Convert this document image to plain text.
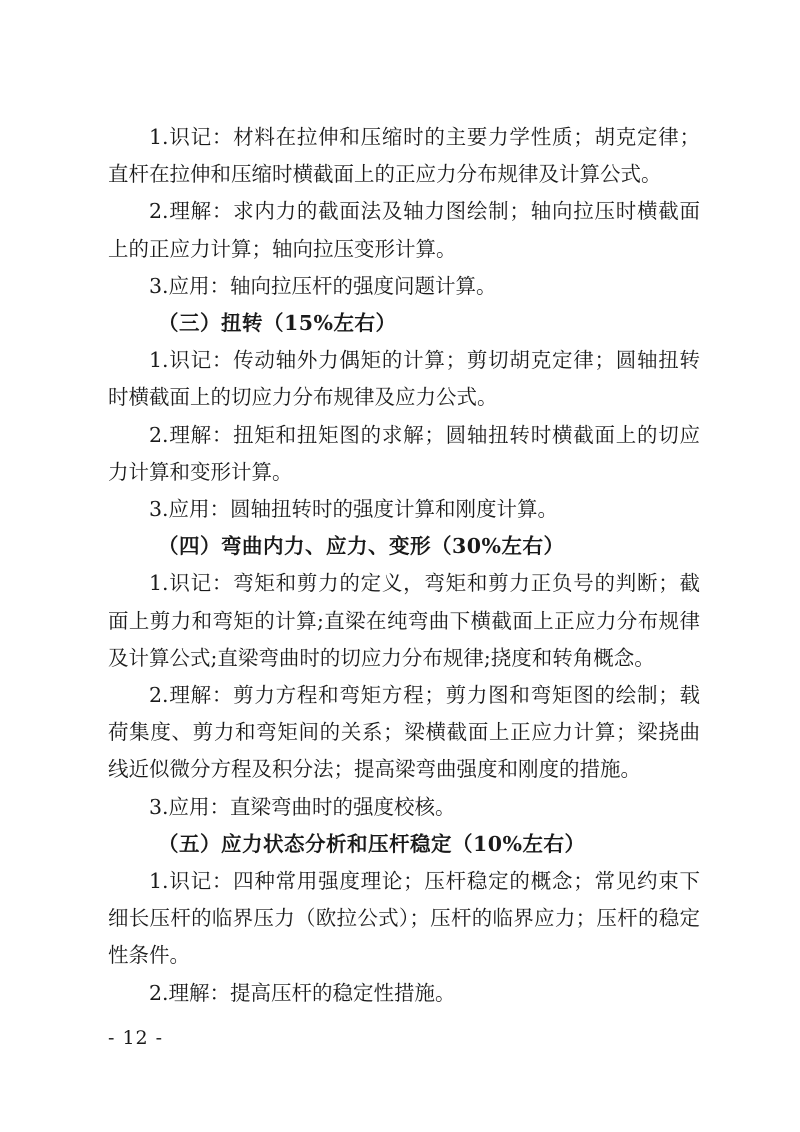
1.识记：材料在拉伸和压缩时的主要力学性质；胡克定律；直杆在拉伸和压缩时横截面上的正应力分布规律及计算公式。

2.理解：求内力的截面法及轴力图绘制；轴向拉压时横截面上的正应力计算；轴向拉压变形计算。

3.应用：轴向拉压杆的强度问题计算。

（三）扭转（15%左右）

1.识记：传动轴外力偶矩的计算；剪切胡克定律；圆轴扭转时横截面上的切应力分布规律及应力公式。

2.理解：扭矩和扭矩图的求解；圆轴扭转时横截面上的切应力计算和变形计算。

3.应用：圆轴扭转时的强度计算和刚度计算。

（四）弯曲内力、应力、变形（30%左右）

1.识记：弯矩和剪力的定义，弯矩和剪力正负号的判断；截面上剪力和弯矩的计算;直梁在纯弯曲下横截面上正应力分布规律及计算公式;直梁弯曲时的切应力分布规律;挠度和转角概念。

2.理解：剪力方程和弯矩方程；剪力图和弯矩图的绘制；载荷集度、剪力和弯矩间的关系；梁横截面上正应力计算；梁挠曲线近似微分方程及积分法；提高梁弯曲强度和刚度的措施。

3.应用：直梁弯曲时的强度校核。

（五）应力状态分析和压杆稳定（10%左右）

1.识记：四种常用强度理论；压杆稳定的概念；常见约束下细长压杆的临界压力（欧拉公式）；压杆的临界应力；压杆的稳定性条件。

2.理解：提高压杆的稳定性措施。

- 12 -
